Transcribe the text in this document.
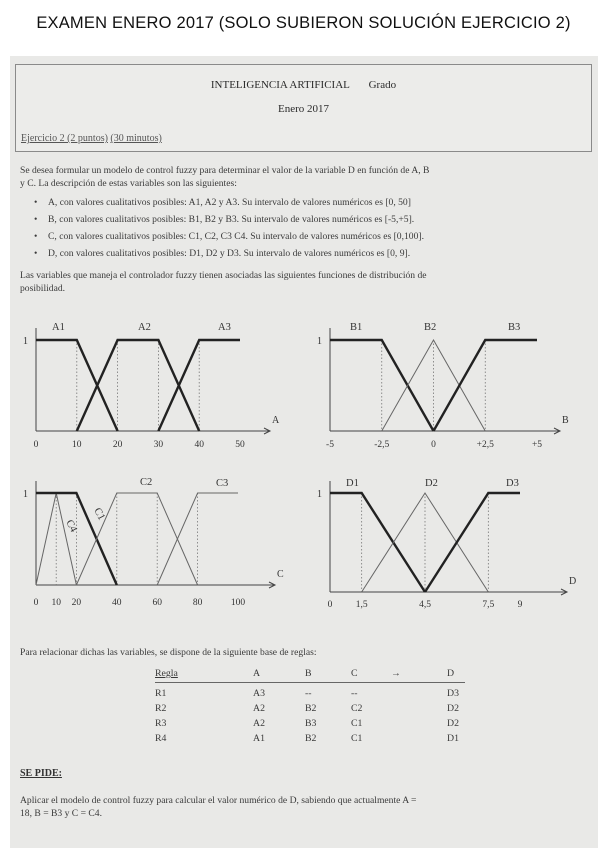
EXAMEN ENERO 2017 (SOLO SUBIERON SOLUCIÓN EJERCICIO 2)
INTELIGENCIA ARTIFICIAL Grado
Enero 2017
Ejercicio 2 (2 puntos) (30 minutos)
Se desea formular un modelo de control fuzzy para determinar el valor de la variable D en función de A, B
y C. La descripción de estas variables son las siguientes:
• A, con valores cualitativos posibles: A1, A2 y A3. Su intervalo de valores numéricos es [0, 50]
• B, con valores cualitativos posibles: B1, B2 y B3. Su intervalo de valores numéricos es [-5,+5].
• C, con valores cualitativos posibles: C1, C2, C3 C4. Su intervalo de valores numéricos es [0,100].
• D, con valores cualitativos posibles: D1, D2 y D3. Su intervalo de valores numéricos es [0, 9].
Las variables que maneja el controlador fuzzy tienen asociadas las siguientes funciones de distribución de
posibilidad.
1
A
A1	A2	A3
0	10	20	30	40	50
1
B
B1	B2	B3
-5	-2,5	0	+2,5	+5
1
C
C4
C1
C2	C3
0 10 20	40	60	80	100
1
D
D1	D2	D3
0 1,5	4,5	7,5 9
Para relacionar dichas las variables, se dispone de la siguiente base de reglas:
Regla	A	B	C	→	D
R1	A3	--	--	D3
R2	A2	B2	C2	D2
R3	A2	B3	C1	D2
R4	A1	B2	C1	D1
SE PIDE:
Aplicar el modelo de control fuzzy para calcular el valor numérico de D, sabiendo que actualmente A =
18, B = B3 y C = C4.
